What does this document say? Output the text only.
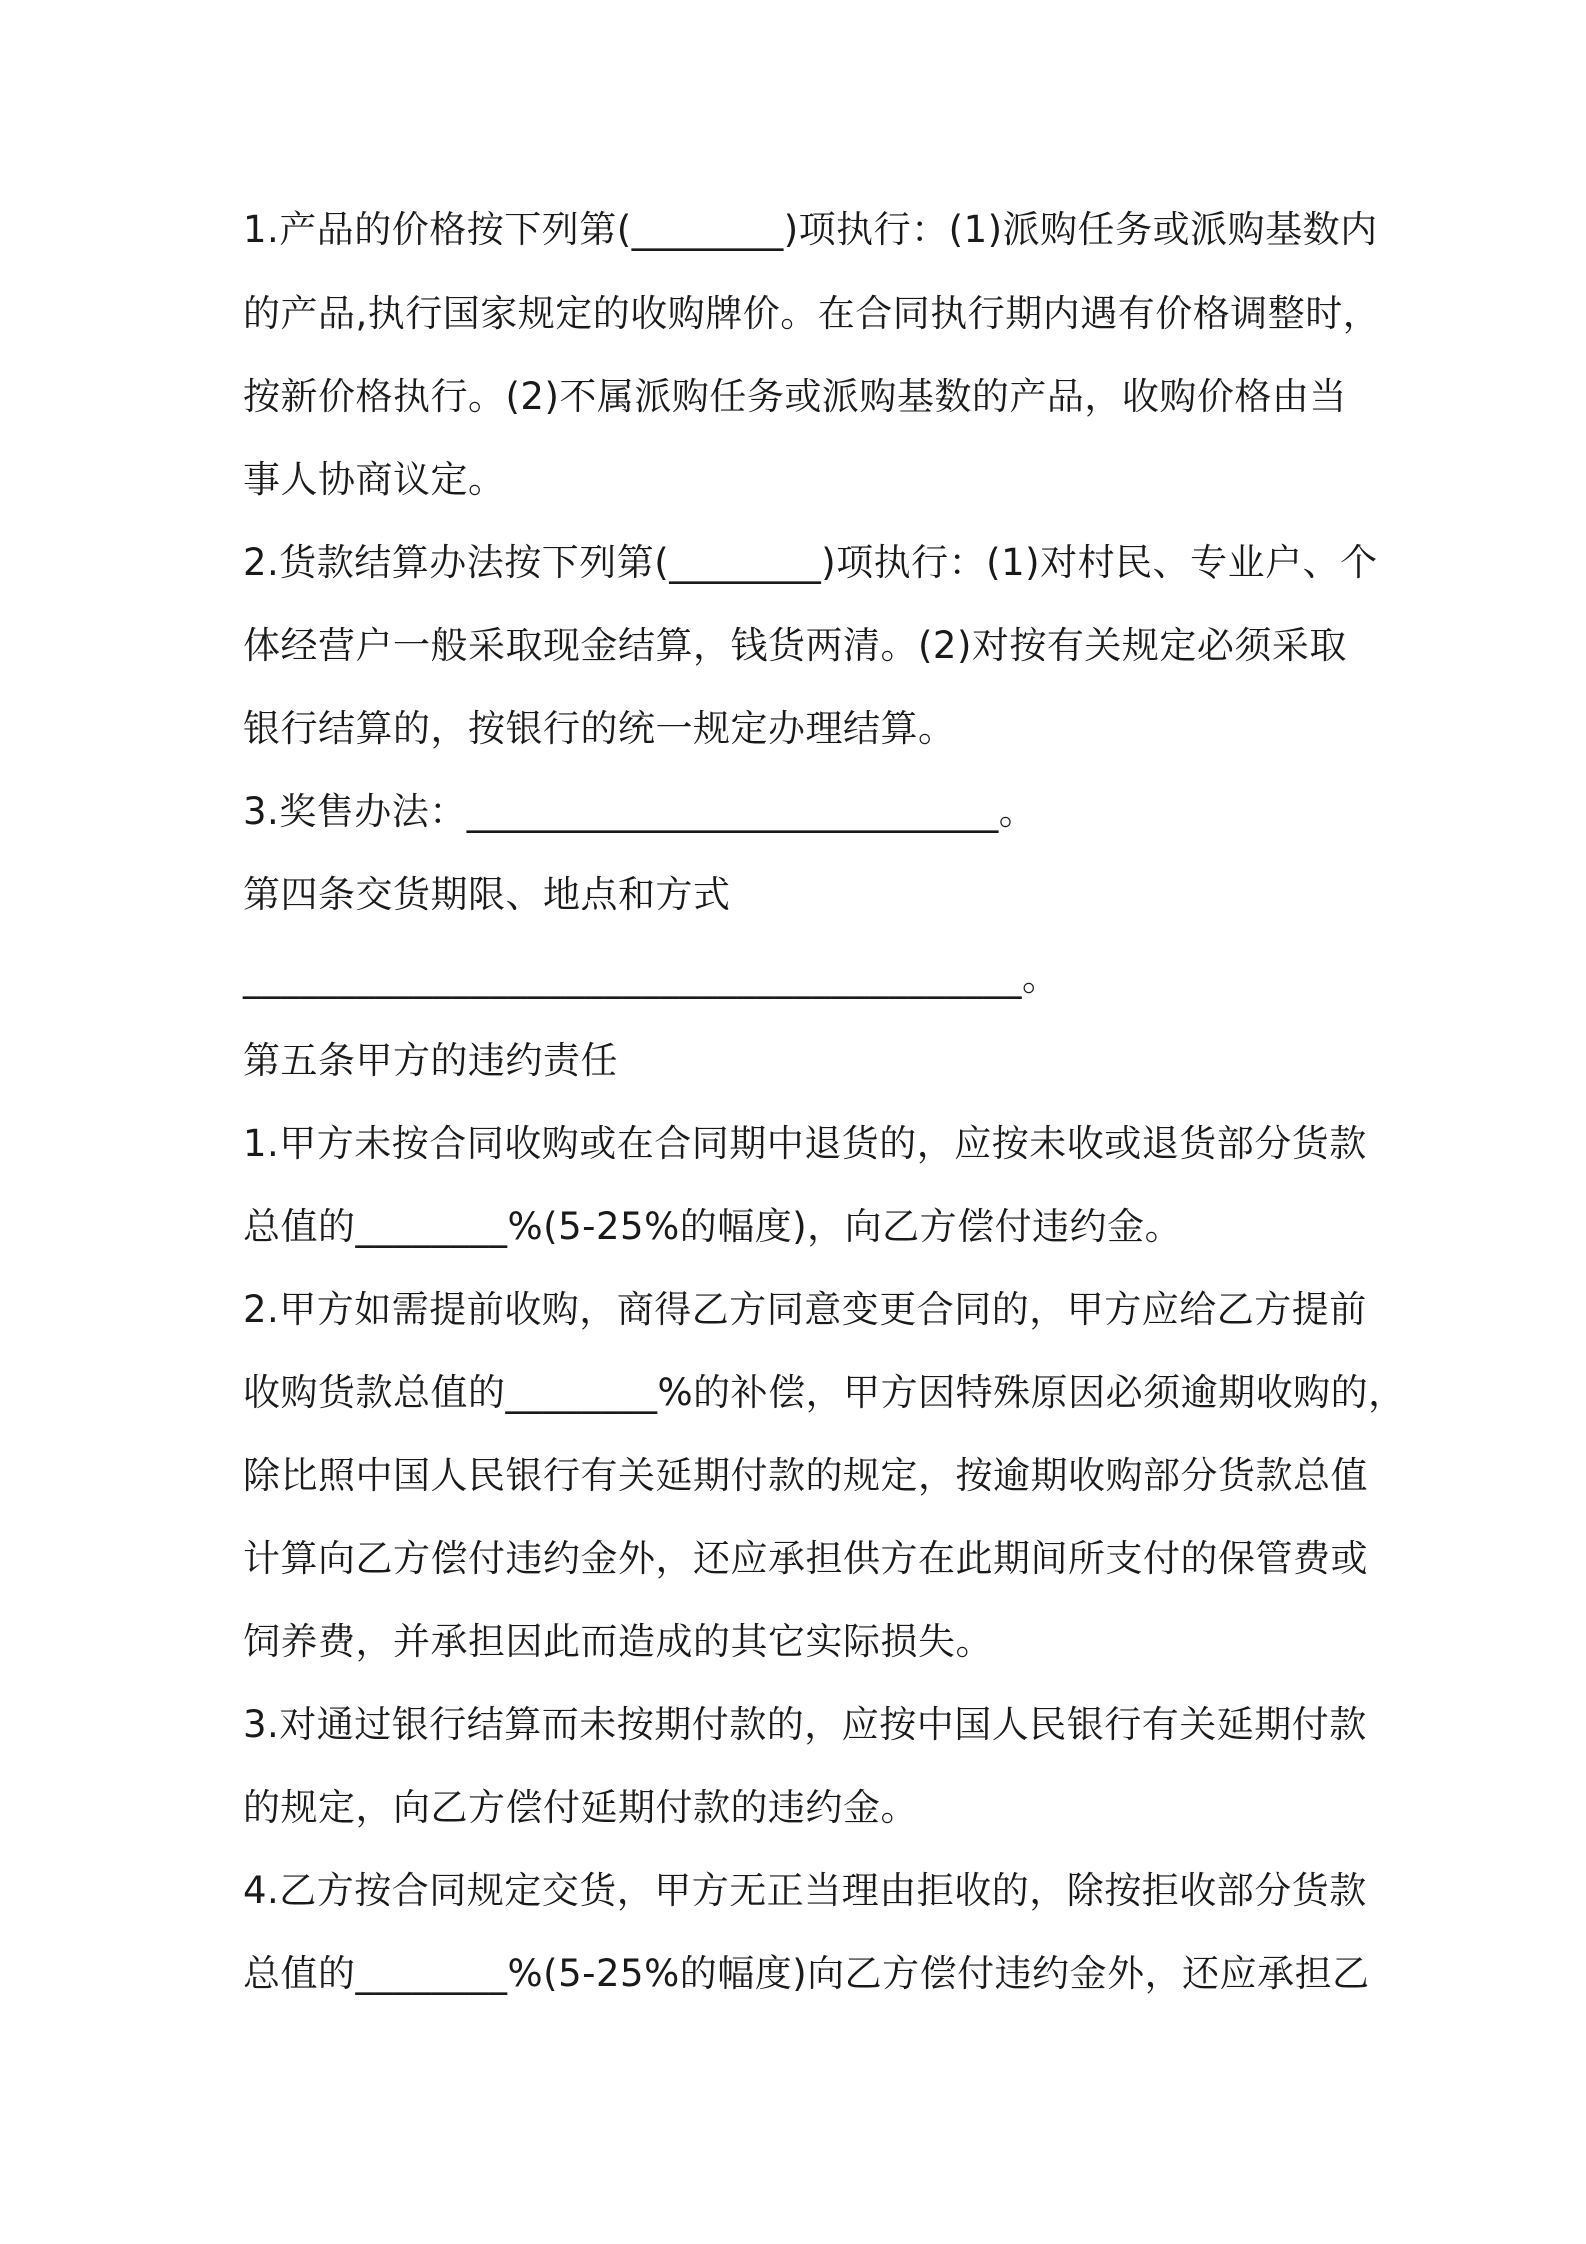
1.产品的价格按下列第(________)项执行：(1)派购任务或派购基数内
的产品,执行国家规定的收购牌价。在合同执行期内遇有价格调整时，
按新价格执行。(2)不属派购任务或派购基数的产品，收购价格由当
事人协商议定。
2.货款结算办法按下列第(________)项执行：(1)对村民、专业户、个
体经营户一般采取现金结算，钱货两清。(2)对按有关规定必须采取
银行结算的，按银行的统一规定办理结算。
3.奖售办法：____________________________。
第四条交货期限、地点和方式
_________________________________________。
第五条甲方的违约责任
1.甲方未按合同收购或在合同期中退货的，应按未收或退货部分货款
总值的________%(5-25%的幅度)，向乙方偿付违约金。
2.甲方如需提前收购，商得乙方同意变更合同的，甲方应给乙方提前
收购货款总值的________%的补偿，甲方因特殊原因必须逾期收购的，
除比照中国人民银行有关延期付款的规定，按逾期收购部分货款总值
计算向乙方偿付违约金外，还应承担供方在此期间所支付的保管费或
饲养费，并承担因此而造成的其它实际损失。
3.对通过银行结算而未按期付款的，应按中国人民银行有关延期付款
的规定，向乙方偿付延期付款的违约金。
4.乙方按合同规定交货，甲方无正当理由拒收的，除按拒收部分货款
总值的________%(5-25%的幅度)向乙方偿付违约金外，还应承担乙
